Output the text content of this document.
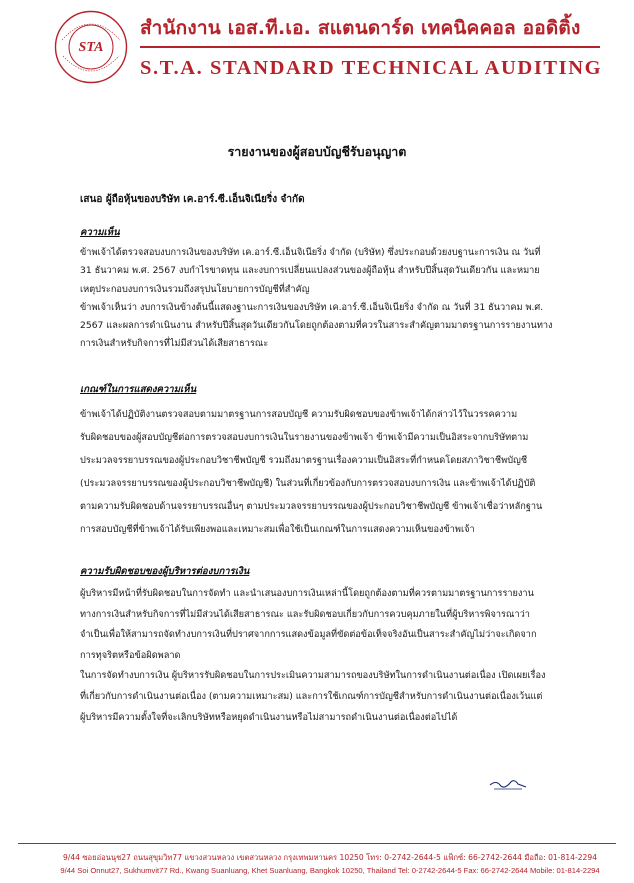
STA
สำนักงาน เอส.ที.เอ. สแตนดาร์ด เทคนิคคอล ออดิติ้ง
S.T.A. STANDARD TECHNICAL AUDITING
รายงานของผู้สอบบัญชีรับอนุญาต
เสนอ ผู้ถือหุ้นของบริษัท เค.อาร์.ซี.เอ็นจิเนียริ่ง จำกัด
ความเห็น

ข้าพเจ้าได้ตรวจสอบงบการเงินของบริษัท เค.อาร์.ซี.เอ็นจิเนียริ่ง จำกัด (บริษัท) ซึ่งประกอบด้วยงบฐานะการเงิน ณ วันที่

31 ธันวาคม พ.ศ. 2567 งบกำไรขาดทุน และงบการเปลี่ยนแปลงส่วนของผู้ถือหุ้น สำหรับปีสิ้นสุดวันเดียวกัน และหมาย

เหตุประกอบงบการเงินรวมถึงสรุปนโยบายการบัญชีที่สำคัญ

ข้าพเจ้าเห็นว่า งบการเงินข้างต้นนี้แสดงฐานะการเงินของบริษัท เค.อาร์.ซี.เอ็นจิเนียริ่ง จำกัด ณ วันที่ 31 ธันวาคม พ.ศ.

2567 และผลการดำเนินงาน สำหรับปีสิ้นสุดวันเดียวกันโดยถูกต้องตามที่ควรในสาระสำคัญตามมาตรฐานการรายงานทาง

การเงินสำหรับกิจการที่ไม่มีส่วนได้เสียสาธารณะ

เกณฑ์ในการแสดงความเห็น

ข้าพเจ้าได้ปฏิบัติงานตรวจสอบตามมาตรฐานการสอบบัญชี ความรับผิดชอบของข้าพเจ้าได้กล่าวไว้ในวรรคความ

รับผิดชอบของผู้สอบบัญชีต่อการตรวจสอบงบการเงินในรายงานของข้าพเจ้า ข้าพเจ้ามีความเป็นอิสระจากบริษัทตาม

ประมวลจรรยาบรรณของผู้ประกอบวิชาชีพบัญชี รวมถึงมาตรฐานเรื่องความเป็นอิสระที่กำหนดโดยสภาวิชาชีพบัญชี

(ประมวลจรรยาบรรณของผู้ประกอบวิชาชีพบัญชี) ในส่วนที่เกี่ยวข้องกับการตรวจสอบงบการเงิน และข้าพเจ้าได้ปฏิบัติ

ตามความรับผิดชอบด้านจรรยาบรรณอื่นๆ ตามประมวลจรรยาบรรณของผู้ประกอบวิชาชีพบัญชี ข้าพเจ้าเชื่อว่าหลักฐาน

การสอบบัญชีที่ข้าพเจ้าได้รับเพียงพอและเหมาะสมเพื่อใช้เป็นเกณฑ์ในการแสดงความเห็นของข้าพเจ้า

ความรับผิดชอบของผู้บริหารต่องบการเงิน

ผู้บริหารมีหน้าที่รับผิดชอบในการจัดทำ และนำเสนองบการเงินเหล่านี้โดยถูกต้องตามที่ควรตามมาตรฐานการรายงาน

ทางการเงินสำหรับกิจการที่ไม่มีส่วนได้เสียสาธารณะ และรับผิดชอบเกี่ยวกับการควบคุมภายในที่ผู้บริหารพิจารณาว่า

จำเป็นเพื่อให้สามารถจัดทำงบการเงินที่ปราศจากการแสดงข้อมูลที่ขัดต่อข้อเท็จจริงอันเป็นสาระสำคัญไม่ว่าจะเกิดจาก

การทุจริตหรือข้อผิดพลาด

ในการจัดทำงบการเงิน ผู้บริหารรับผิดชอบในการประเมินความสามารถของบริษัทในการดำเนินงานต่อเนื่อง เปิดเผยเรื่อง

ที่เกี่ยวกับการดำเนินงานต่อเนื่อง (ตามความเหมาะสม) และการใช้เกณฑ์การบัญชีสำหรับการดำเนินงานต่อเนื่องเว้นแต่

ผู้บริหารมีความตั้งใจที่จะเลิกบริษัทหรือหยุดดำเนินงานหรือไม่สามารถดำเนินงานต่อเนื่องต่อไปได้

9/44 ซอยอ่อนนุช27 ถนนสุขุมวิท77 แขวงสวนหลวง เขตสวนหลวง กรุงเทพมหานคร 10250 โทร: 0-2742-2644-5 แฟ็กซ์: 66-2742-2644 มือถือ: 01-814-2294
9/44 Soi Onnut27, Sukhumvit77 Rd., Kwang Suanluang, Khet Suanluang, Bangkok 10250, Thailand Tel: 0-2742-2644-5 Fax: 66-2742-2644 Mobile: 01-814-2294
